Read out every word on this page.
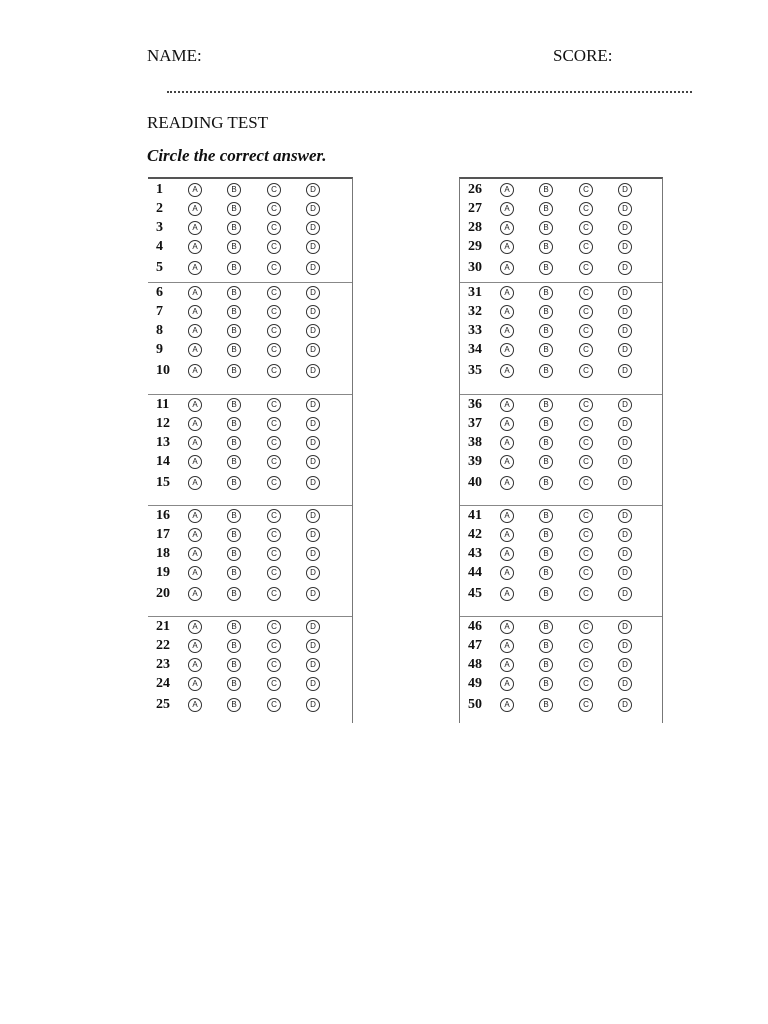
NAME:	SCORE:
READING TEST
Circle the correct answer.
1	A	B	C	D
2	A	B	C	D
3	A	B	C	D
4	A	B	C	D
5	A	B	C	D
6	A	B	C	D
7	A	B	C	D
8	A	B	C	D
9	A	B	C	D
10	A	B	C	D
11	A	B	C	D
12	A	B	C	D
13	A	B	C	D
14	A	B	C	D
15	A	B	C	D
16	A	B	C	D
17	A	B	C	D
18	A	B	C	D
19	A	B	C	D
20	A	B	C	D
21	A	B	C	D
22	A	B	C	D
23	A	B	C	D
24	A	B	C	D
25	A	B	C	D
26	A	B	C	D
27	A	B	C	D
28	A	B	C	D
29	A	B	C	D
30	A	B	C	D
31	A	B	C	D
32	A	B	C	D
33	A	B	C	D
34	A	B	C	D
35	A	B	C	D
36	A	B	C	D
37	A	B	C	D
38	A	B	C	D
39	A	B	C	D
40	A	B	C	D
41	A	B	C	D
42	A	B	C	D
43	A	B	C	D
44	A	B	C	D
45	A	B	C	D
46	A	B	C	D
47	A	B	C	D
48	A	B	C	D
49	A	B	C	D
50	A	B	C	D
